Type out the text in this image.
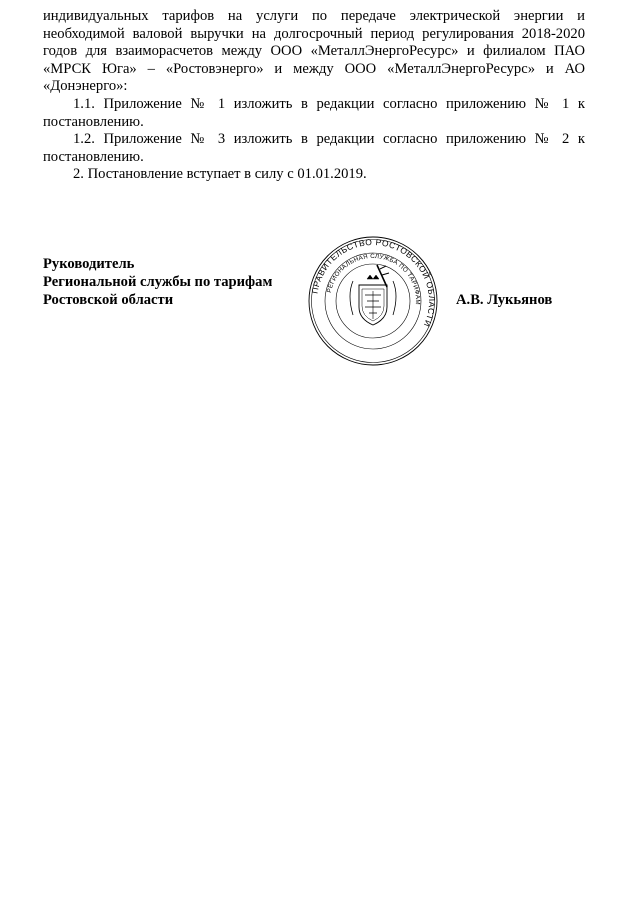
индивидуальных тарифов на услуги по передаче электрической энергии и необходимой валовой выручки на долгосрочный период регулирования 2018-2020 годов для взаиморасчетов между ООО «МеталлЭнергоРесурс» и филиалом ПАО «МРСК Юга» – «Ростовэнерго» и между ООО «МеталлЭнергоРесурс» и АО «Донэнерго»:

1.1. Приложение № 1 изложить в редакции согласно приложению № 1 к постановлению.

1.2. Приложение № 3 изложить в редакции согласно приложению № 2 к постановлению.

2. Постановление вступает в силу с 01.01.2019.

Руководитель
Региональной службы по тарифам
Ростовской области	А.В. Лукьянов
ПРАВИТЕЛЬСТВО РОСТОВСКОЙ ОБЛАСТИ
РЕГИОНАЛЬНАЯ СЛУЖБА ПО ТАРИФАМ
